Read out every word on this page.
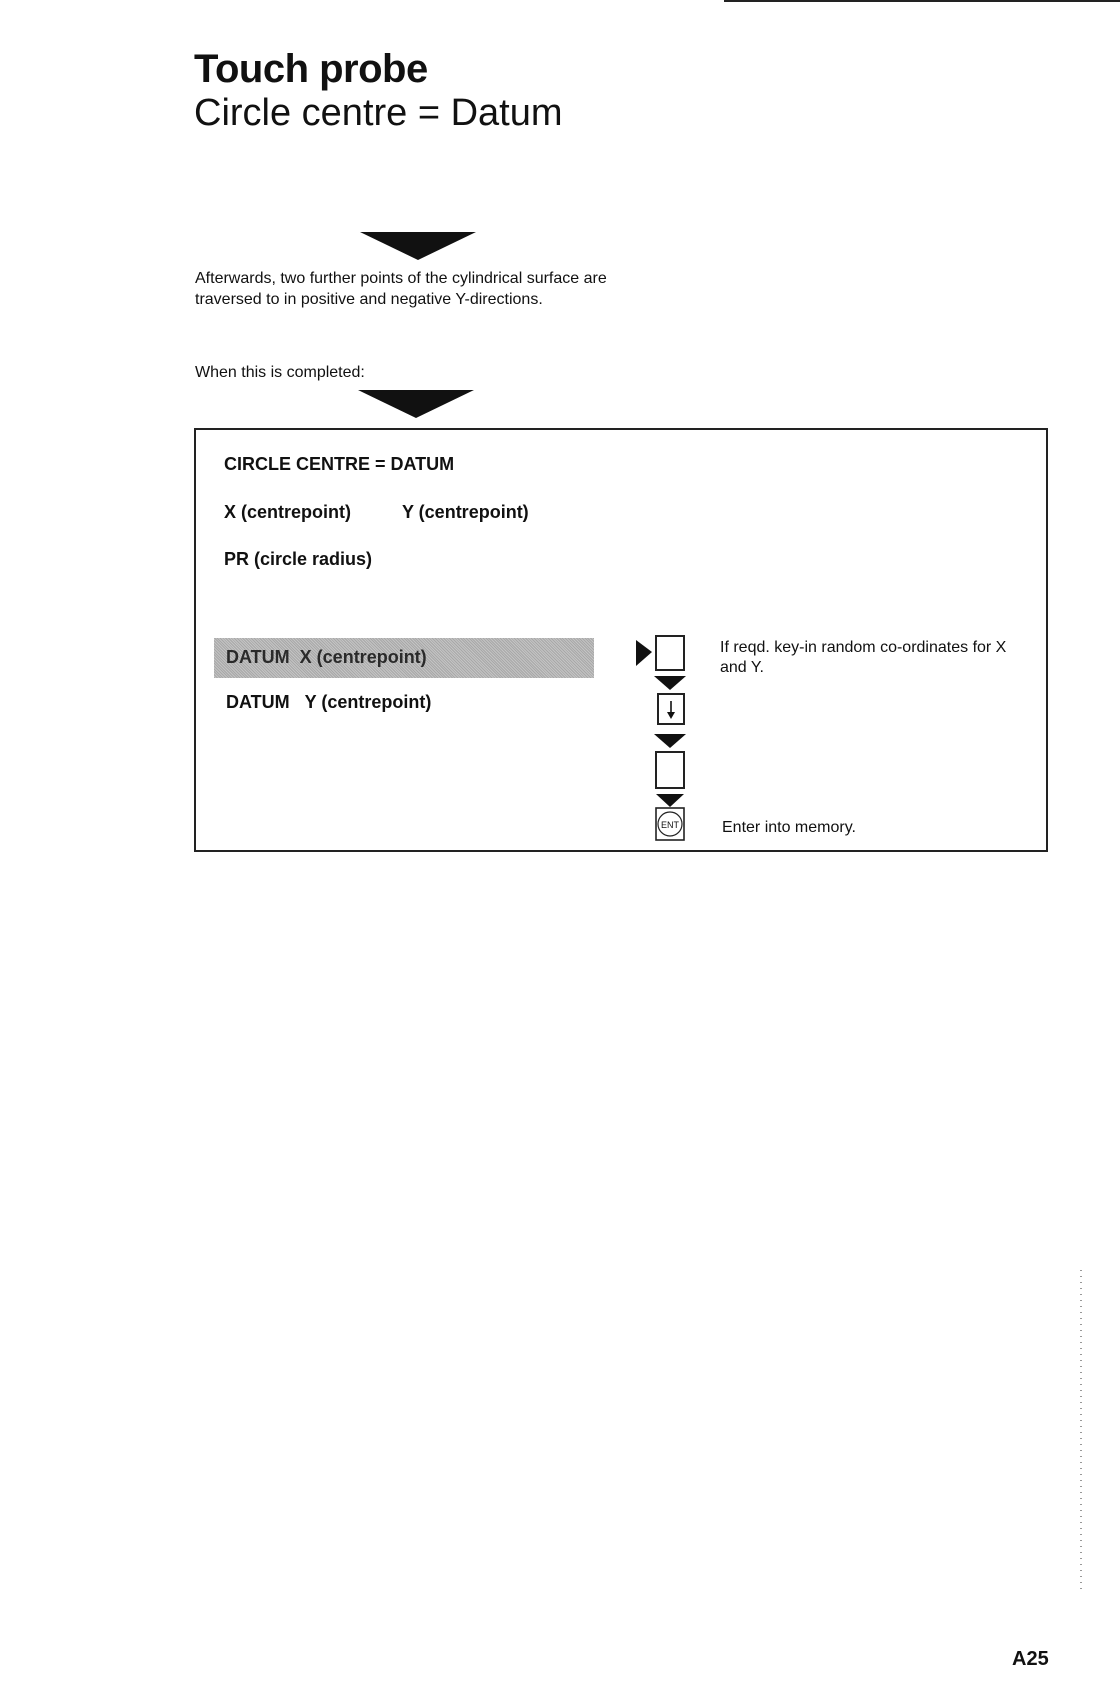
Touch probe
Circle centre = Datum
Afterwards, two further points of the cylindrical surface are traversed to in positive and negative Y-directions.
When this is completed:
CIRCLE CENTRE = DATUM
X (centrepoint)	Y (centrepoint)
PR (circle radius)
DATUM X (centrepoint)
DATUM Y (centrepoint)
ENT
If reqd. key-in random co-ordinates for X and Y.
Enter into memory.
A25
